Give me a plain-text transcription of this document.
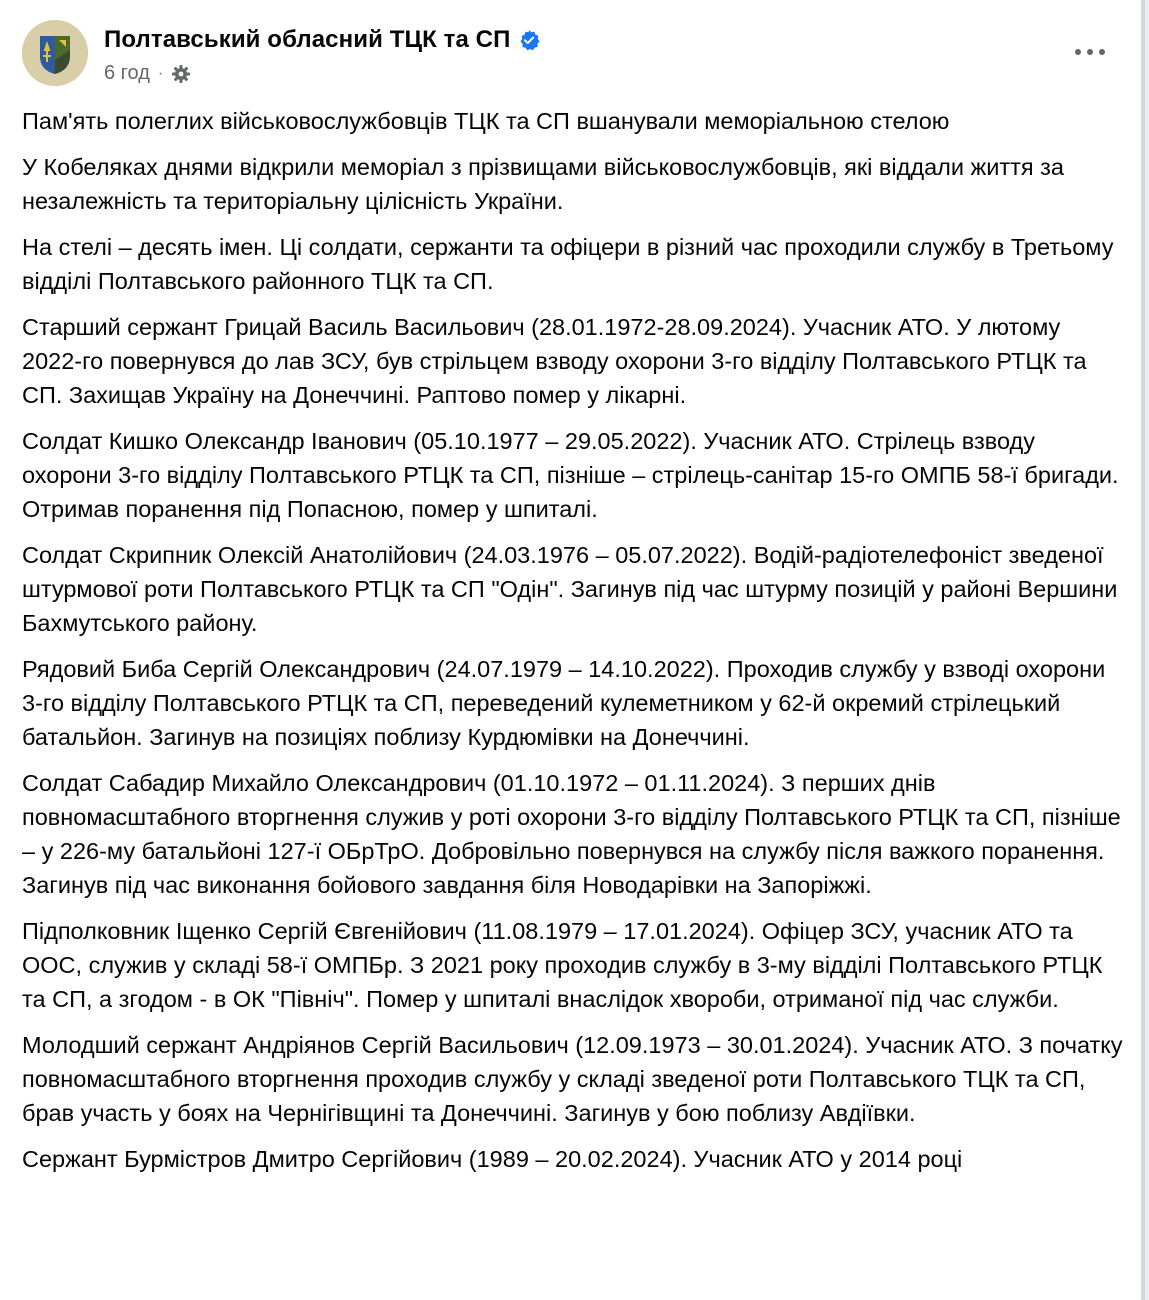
Полтавський обласний ТЦК та СП
6 год ·

Пам'ять полеглих військовослужбовців ТЦК та СП вшанували меморіальною стелою

У Кобеляках днями відкрили меморіал з прізвищами військовослужбовців, які віддали життя за незалежність та територіальну цілісність України.

На стелі – десять імен. Ці солдати, сержанти та офіцери в різний час проходили службу в Третьому відділі Полтавського районного ТЦК та СП.

Старший сержант Грицай Василь Васильович (28.01.1972-28.09.2024). Учасник АТО. У лютому 2022-го повернувся до лав ЗСУ, був стрільцем взводу охорони 3-го відділу Полтавського РТЦК та СП. Захищав Україну на Донеччині. Раптово помер у лікарні.

Солдат Кишко Олександр Іванович (05.10.1977 – 29.05.2022). Учасник АТО. Стрілець взводу охорони 3-го відділу Полтавського РТЦК та СП, пізніше – стрілець-санітар 15-го ОМПБ 58-ї бригади. Отримав поранення під Попасною, помер у шпиталі.

Солдат Скрипник Олексій Анатолійович (24.03.1976 – 05.07.2022). Водій-радіотелефоніст зведеної штурмової роти Полтавського РТЦК та СП "Одін". Загинув під час штурму позицій у районі Вершини Бахмутського району.

Рядовий Биба Сергій Олександрович (24.07.1979 – 14.10.2022). Проходив службу у взводі охорони 3-го відділу Полтавського РТЦК та СП, переведений кулеметником у 62-й окремий стрілецький батальйон. Загинув на позиціях поблизу Курдюмівки на Донеччині.

Солдат Сабадир Михайло Олександрович (01.10.1972 – 01.11.2024). З перших днів повномасштабного вторгнення служив у роті охорони 3-го відділу Полтавського РТЦК та СП, пізніше – у 226-му батальйоні 127-ї ОБрТрО. Добровільно повернувся на службу після важкого поранення. Загинув під час виконання бойового завдання біля Новодарівки на Запоріжжі.

Підполковник Іщенко Сергій Євгенійович (11.08.1979 – 17.01.2024). Офіцер ЗСУ, учасник АТО та ООС, служив у складі 58-ї ОМПБр. З 2021 року проходив службу в 3-му відділі Полтавського РТЦК та СП, а згодом - в ОК "Північ". Помер у шпиталі внаслідок хвороби, отриманої під час служби.

Молодший сержант Андріянов Сергій Васильович (12.09.1973 – 30.01.2024). Учасник АТО. З початку повномасштабного вторгнення проходив службу у складі зведеної роти Полтавського ТЦК та СП, брав участь у боях на Чернігівщині та Донеччині. Загинув у бою поблизу Авдіївки.

Сержант Бурмістров Дмитро Сергійович (1989 – 20.02.2024). Учасник АТО у 2014 році
